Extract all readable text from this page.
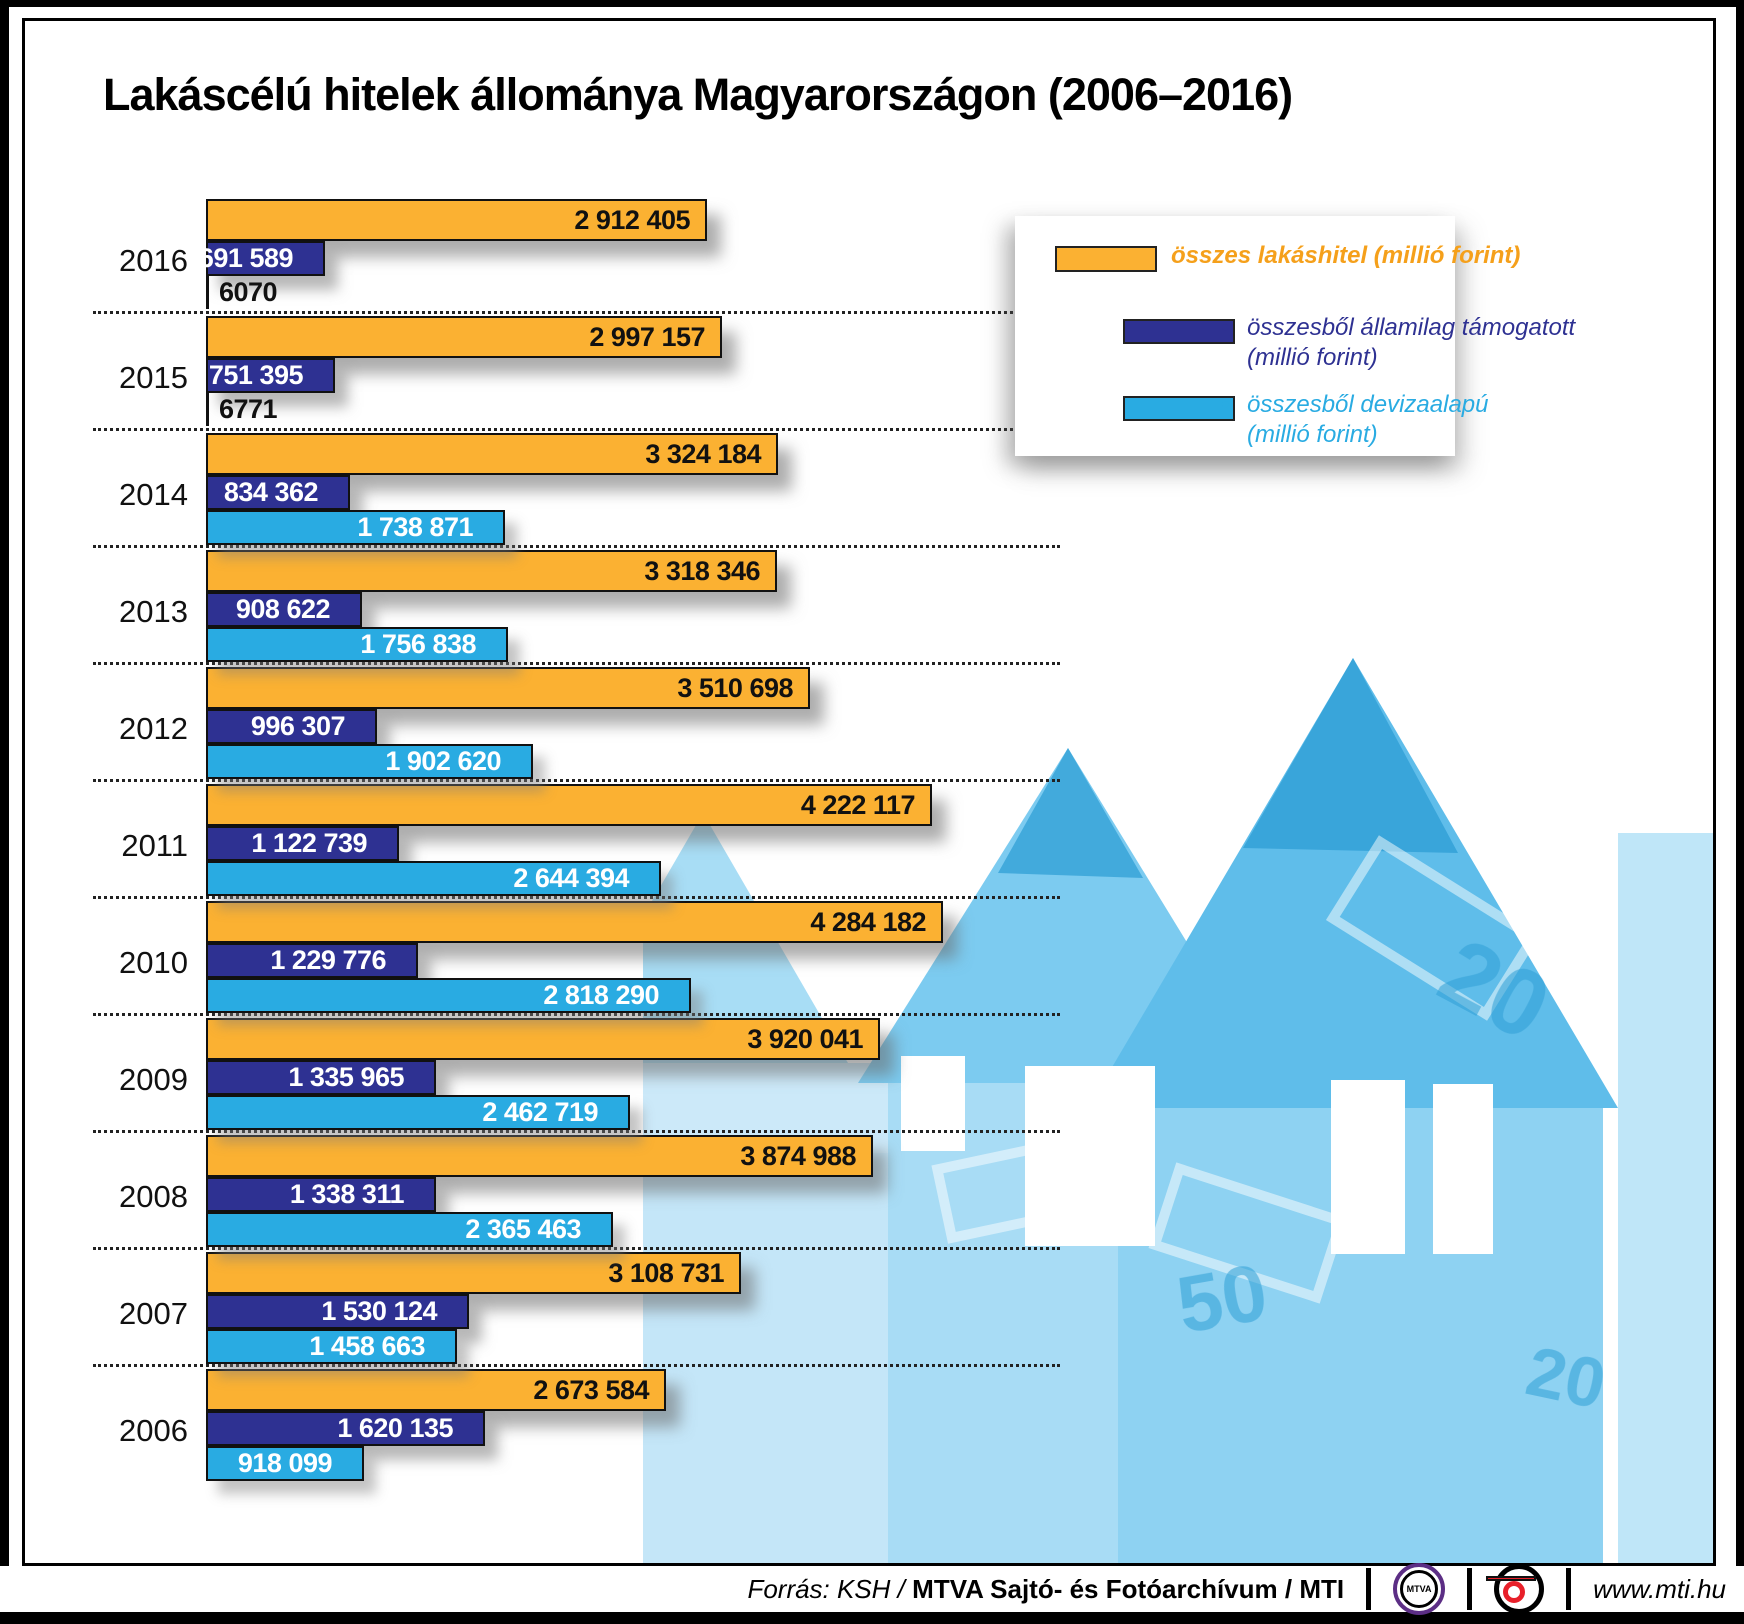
20
50
20
Lakáscélú hitelek állománya Magyarországon (2006–2016)
2016
2 912 405
691 589
6070
2015
2 997 157
751 395
6771
2014
3 324 184
834 362
1 738 871
2013
3 318 346
908 622
1 756 838
2012
3 510 698
996 307
1 902 620
2011
4 222 117
1 122 739
2 644 394
2010
4 284 182
1 229 776
2 818 290
2009
3 920 041
1 335 965
2 462 719
2008
3 874 988
1 338 311
2 365 463
2007
3 108 731
1 530 124
1 458 663
2006
2 673 584
1 620 135
918 099
összes lakáshitel (millió forint)
• összesből államilag támogatott
(millió forint)
• összesből devizaalapú
(millió forint)
Forrás: KSH / MTVA Sajtó- és Fotóarchívum / MTI	MTVA	www.mti.hu
